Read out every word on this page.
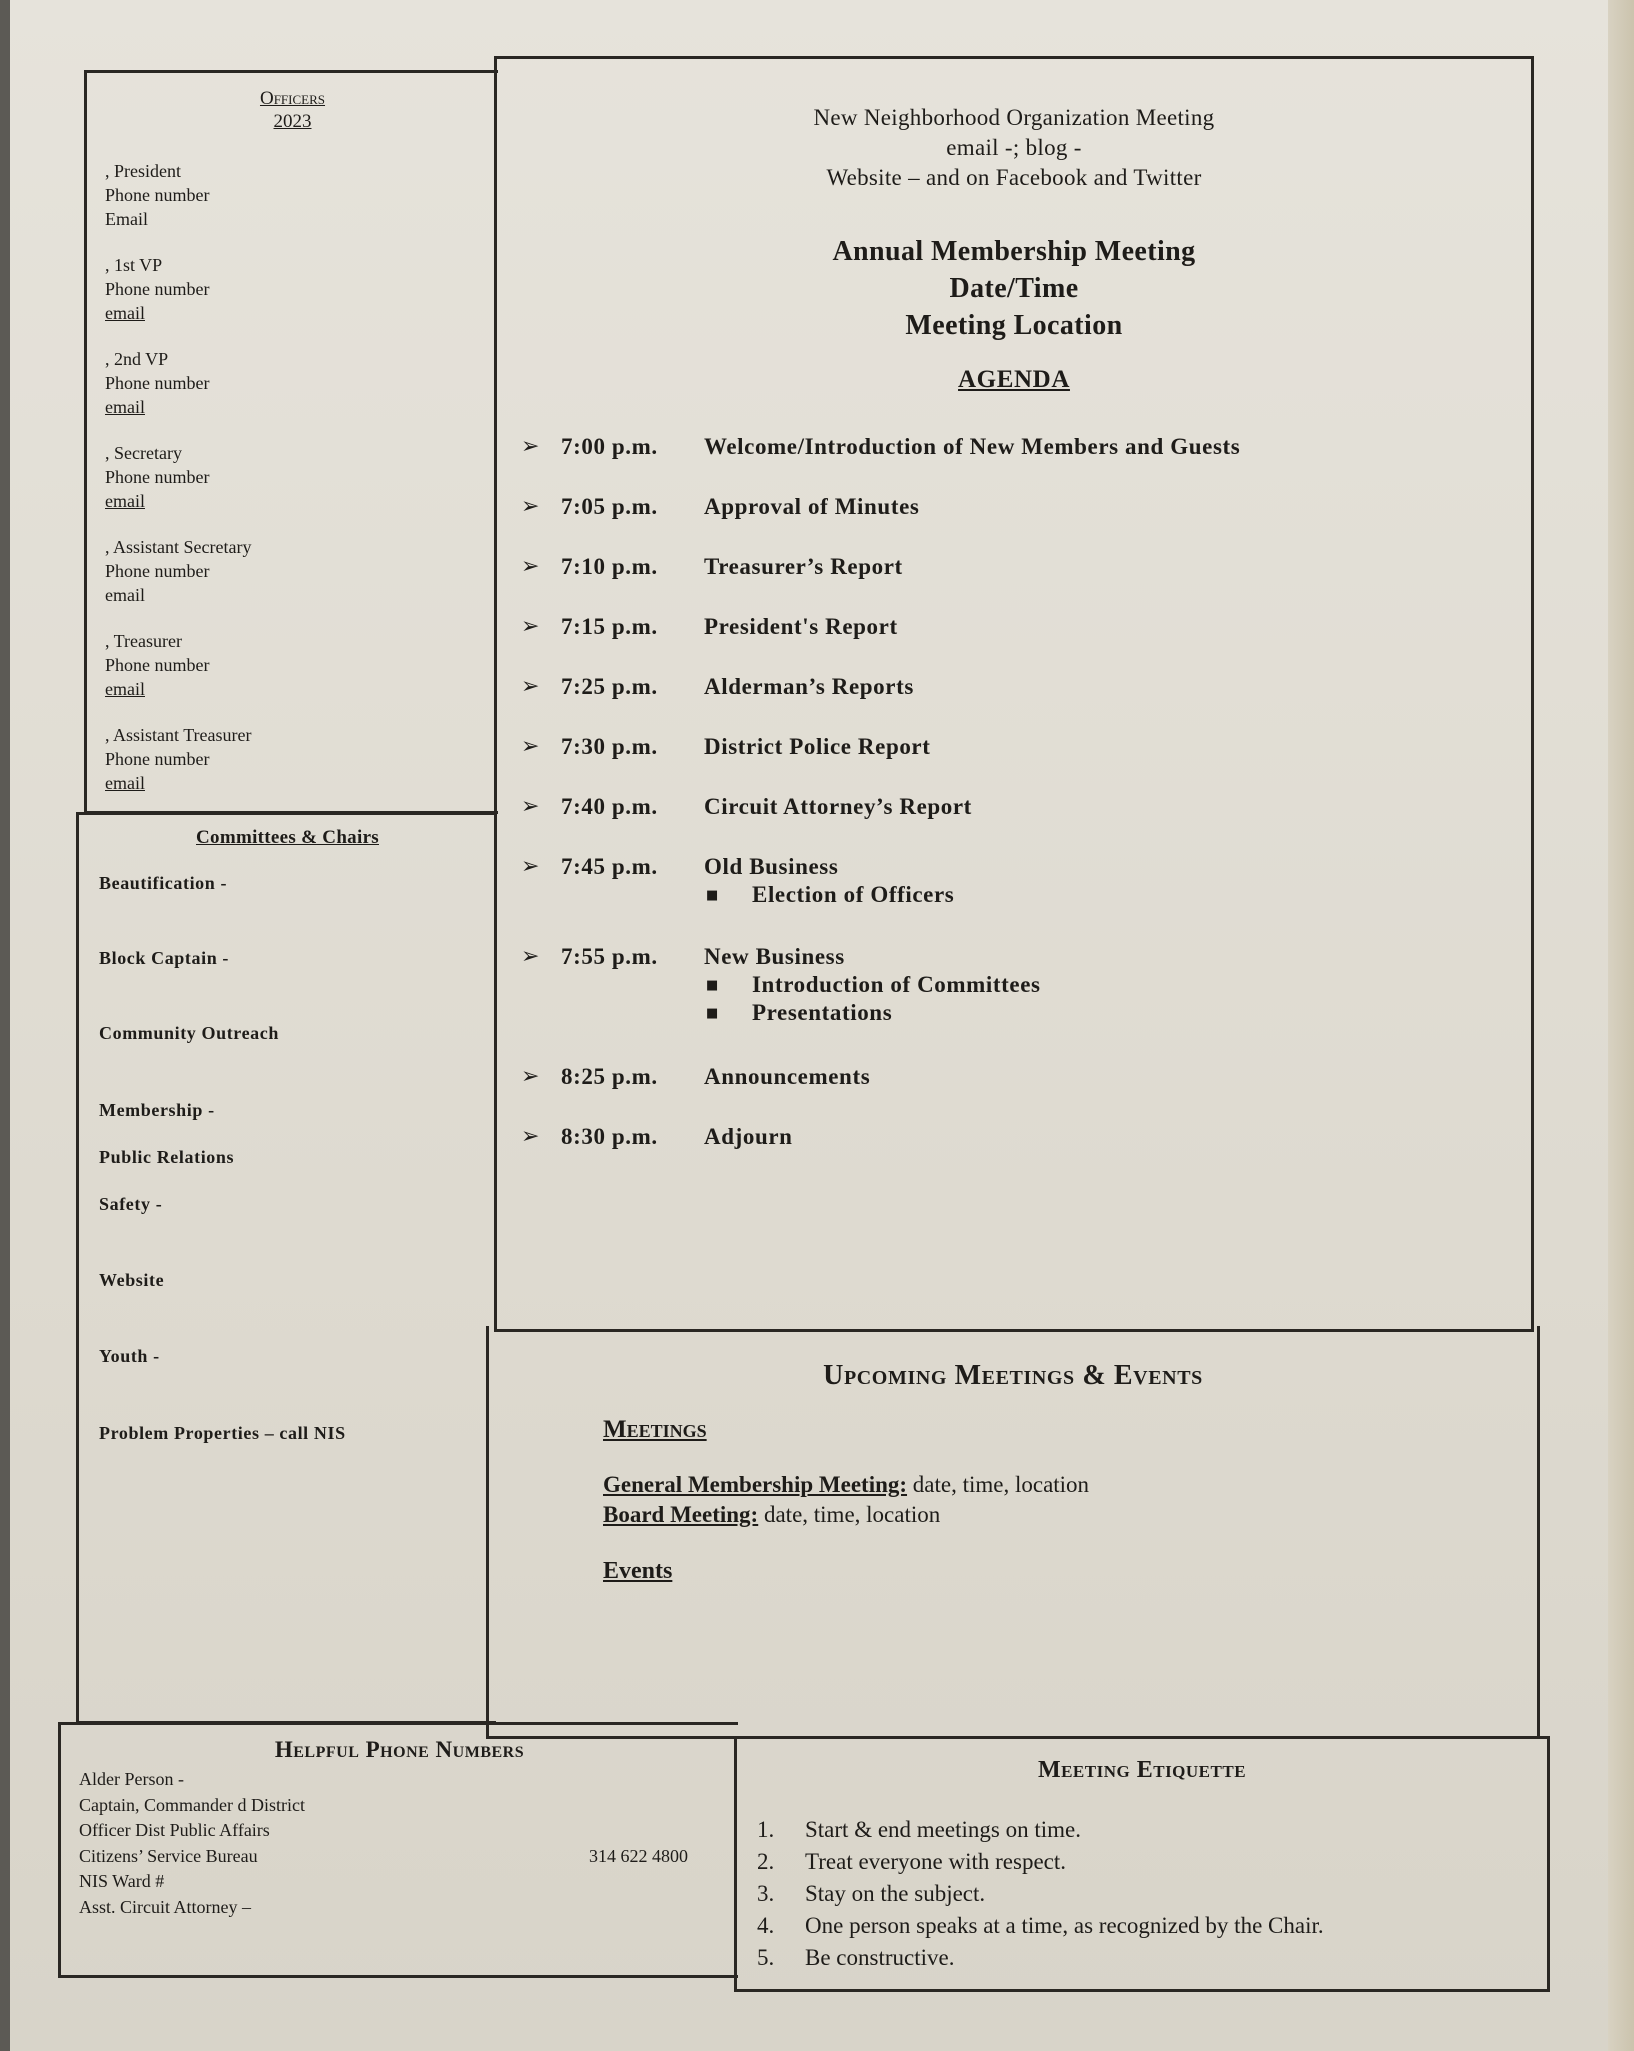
Officers
2023
, President
Phone number
Email
, 1st VP
Phone number
email
, 2nd VP
Phone number
email
, Secretary
Phone number
email
, Assistant Secretary
Phone number
email
, Treasurer
Phone number
email
, Assistant Treasurer
Phone number
email
Committees & Chairs
Beautification -
Block Captain -
Community Outreach
Membership -
Public Relations
Safety -
Website
Youth -
Problem Properties – call NIS
New Neighborhood Organization Meeting
email -; blog -
Website – and on Facebook and Twitter
Annual Membership Meeting
Date/Time
Meeting Location
AGENDA
➢ 7:00 p.m.	Welcome/Introduction of New Members and Guests
➢ 7:05 p.m.	Approval of Minutes
➢ 7:10 p.m.	Treasurer’s Report
➢ 7:15 p.m.	President's Report
➢ 7:25 p.m.	Alderman’s Reports
➢ 7:30 p.m.	District Police Report
➢ 7:40 p.m.	Circuit Attorney’s Report
➢ 7:45 p.m.	Old Business
■	Election of Officers
➢ 7:55 p.m.	New Business
■	Introduction of Committees
■	Presentations
➢ 8:25 p.m.	Announcements
➢ 8:30 p.m.	Adjourn
Upcoming Meetings & Events
Meetings
General Membership Meeting: date, time, location
Board Meeting: date, time, location
Events
Helpful Phone Numbers
Alder Person -
Captain, Commander d District
Officer Dist Public Affairs
Citizens’ Service Bureau	314 622 4800
NIS Ward #
Asst. Circuit Attorney –
Meeting Etiquette
1.	Start & end meetings on time.
2.	Treat everyone with respect.
3.	Stay on the subject.
4.	One person speaks at a time, as recognized by the Chair.
5.	Be constructive.
